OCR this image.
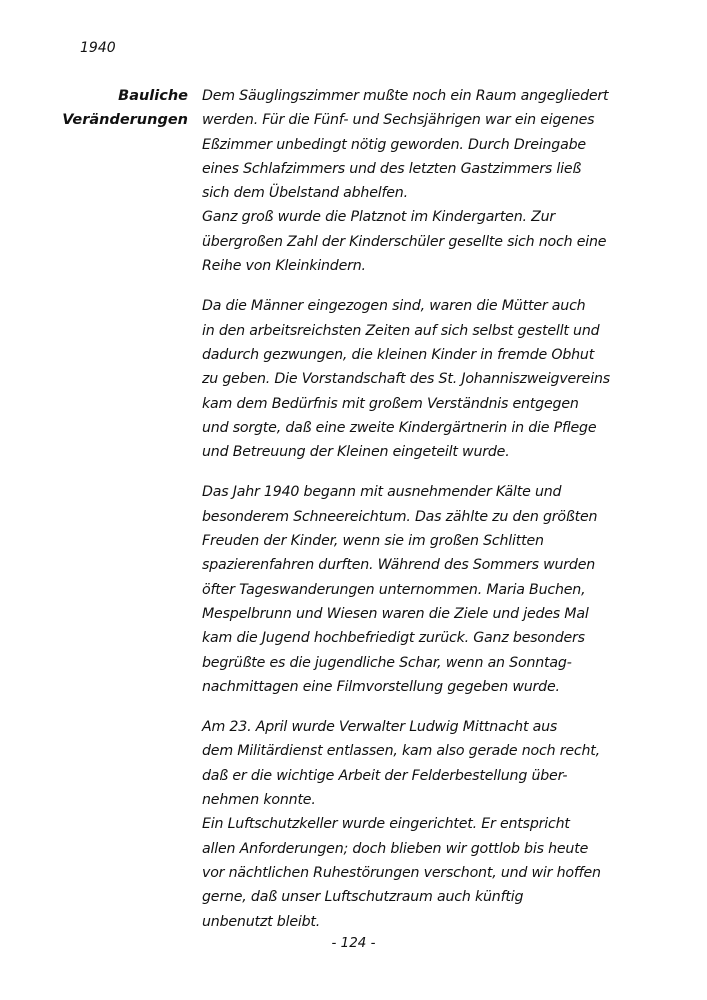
1940
Bauliche
Veränderungen
Dem Säuglingszimmer mußte noch ein Raum angegliedert
werden. Für die Fünf- und Sechsjährigen war ein eigenes
Eßzimmer unbedingt nötig geworden. Durch Dreingabe
eines Schlafzimmers und des letzten Gastzimmers ließ
sich dem Übelstand abhelfen.
Ganz groß wurde die Platznot im Kindergarten. Zur
übergroßen Zahl der Kinderschüler gesellte sich noch eine
Reihe von Kleinkindern.
Da die Männer eingezogen sind, waren die Mütter auch
in den arbeitsreichsten Zeiten auf sich selbst gestellt und
dadurch gezwungen, die kleinen Kinder in fremde Obhut
zu geben. Die Vorstandschaft des St. Johanniszweigvereins
kam dem Bedürfnis mit großem Verständnis entgegen
und sorgte, daß eine zweite Kindergärtnerin in die Pflege
und Betreuung der Kleinen eingeteilt wurde.
Das Jahr 1940 begann mit ausnehmender Kälte und
besonderem Schneereichtum. Das zählte zu den größten
Freuden der Kinder, wenn sie im großen Schlitten
spazierenfahren durften. Während des Sommers wurden
öfter Tageswanderungen unternommen. Maria Buchen,
Mespelbrunn und Wiesen waren die Ziele und jedes Mal
kam die Jugend hochbefriedigt zurück. Ganz besonders
begrüßte es die jugendliche Schar, wenn an Sonntag-
nachmittagen eine Filmvorstellung gegeben wurde.
Am 23. April wurde Verwalter Ludwig Mittnacht aus
dem Militärdienst entlassen, kam also gerade noch recht,
daß er die wichtige Arbeit der Felderbestellung über-
nehmen konnte.
Ein Luftschutzkeller wurde eingerichtet. Er entspricht
allen Anforderungen; doch blieben wir gottlob bis heute
vor nächtlichen Ruhestörungen verschont, und wir hoffen
gerne, daß unser Luftschutzraum auch künftig
unbenutzt bleibt.
- 124 -
